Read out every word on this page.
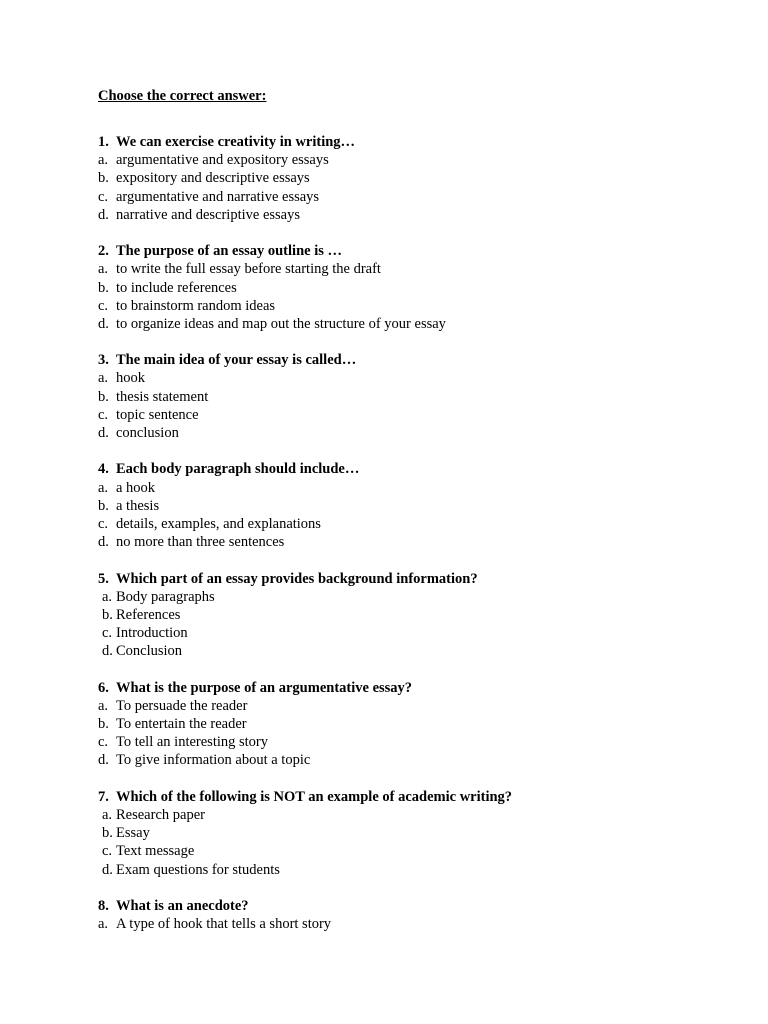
Choose the correct answer:
1. We can exercise creativity in writing…
a. argumentative and expository essays
b. expository and descriptive essays
c. argumentative and narrative essays
d. narrative and descriptive essays
2. The purpose of an essay outline is …
a. to write the full essay before starting the draft
b. to include references
c. to brainstorm random ideas
d. to organize ideas and map out the structure of your essay
3. The main idea of your essay is called…
a. hook
b. thesis statement
c. topic sentence
d. conclusion
4. Each body paragraph should include…
a. a hook
b. a thesis
c. details, examples, and explanations
d. no more than three sentences
5. Which part of an essay provides background information?
a. Body paragraphs
b. References
c. Introduction
d. Conclusion
6. What is the purpose of an argumentative essay?
a. To persuade the reader
b. To entertain the reader
c. To tell an interesting story
d. To give information about a topic
7. Which of the following is NOT an example of academic writing?
a. Research paper
b. Essay
c. Text message
d. Exam questions for students
8. What is an anecdote?
a. A type of hook that tells a short story
